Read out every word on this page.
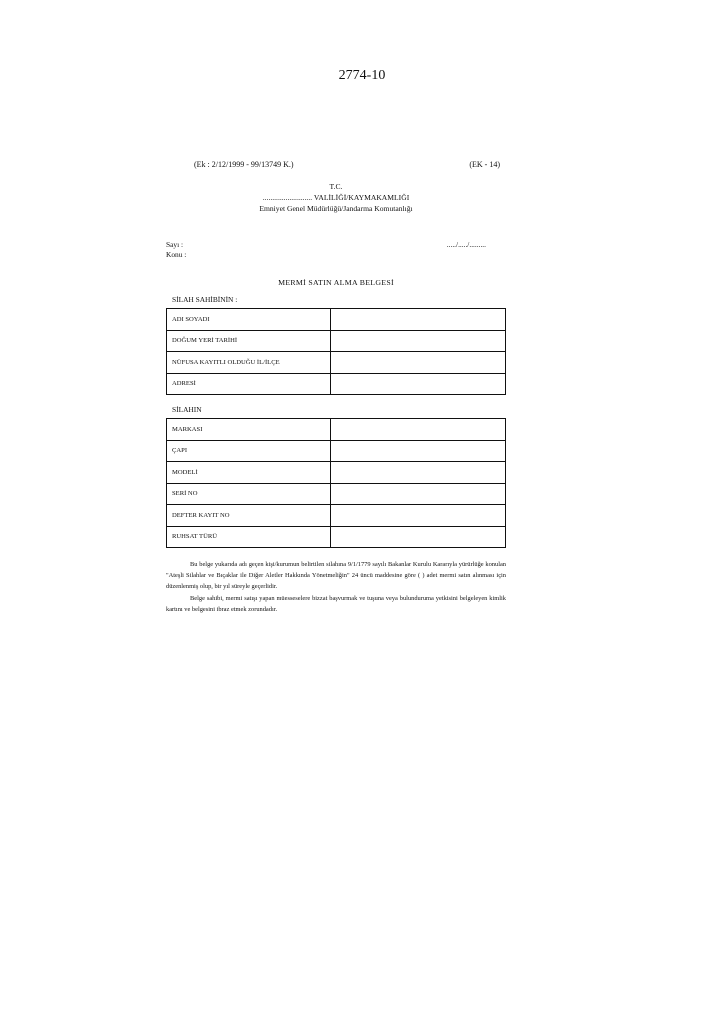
2774-10
(Ek : 2/12/1999 - 99/13749 K.)	(EK - 14)
T.C.
.......................... VALİLİĞİ/KAYMAKAMLIĞI
Emniyet Genel Müdürlüğü/Jandarma Komutanlığı
Sayı :	...../...../.........
Konu :
MERMİ SATIN ALMA BELGESİ
SİLAH SAHİBİNİN :
ADI SOYADI	
DOĞUM YERİ TARİHİ	
NÜFUSA KAYITLI OLDUĞU İL/İLÇE	
ADRESİ	
SİLAHIN
MARKASI	
ÇAPI	
MODELİ	
SERİ NO	
DEFTER KAYIT NO	
RUHSAT TÜRÜ	

Bu belge yukarıda adı geçen kişi/kurumun belirtilen silahına 9/1/1779 sayılı Bakanlar Kurulu Kararıyla yürürlüğe konulan "Ateşli Silahlar ve Bıçaklar ile Diğer Aletler Hakkında Yönetmeliğin" 24 üncü maddesine göre ( ) adet mermi satın alınması için düzenlenmiş olup, bir yıl süreyle geçerlidir.

Belge sahibi, mermi satışı yapan müesseselere bizzat başvurmak ve tuşuna veya bulunduruma yetkisini belgeleyen kimlik kartını ve belgesini ibraz etmek zorundadır.
